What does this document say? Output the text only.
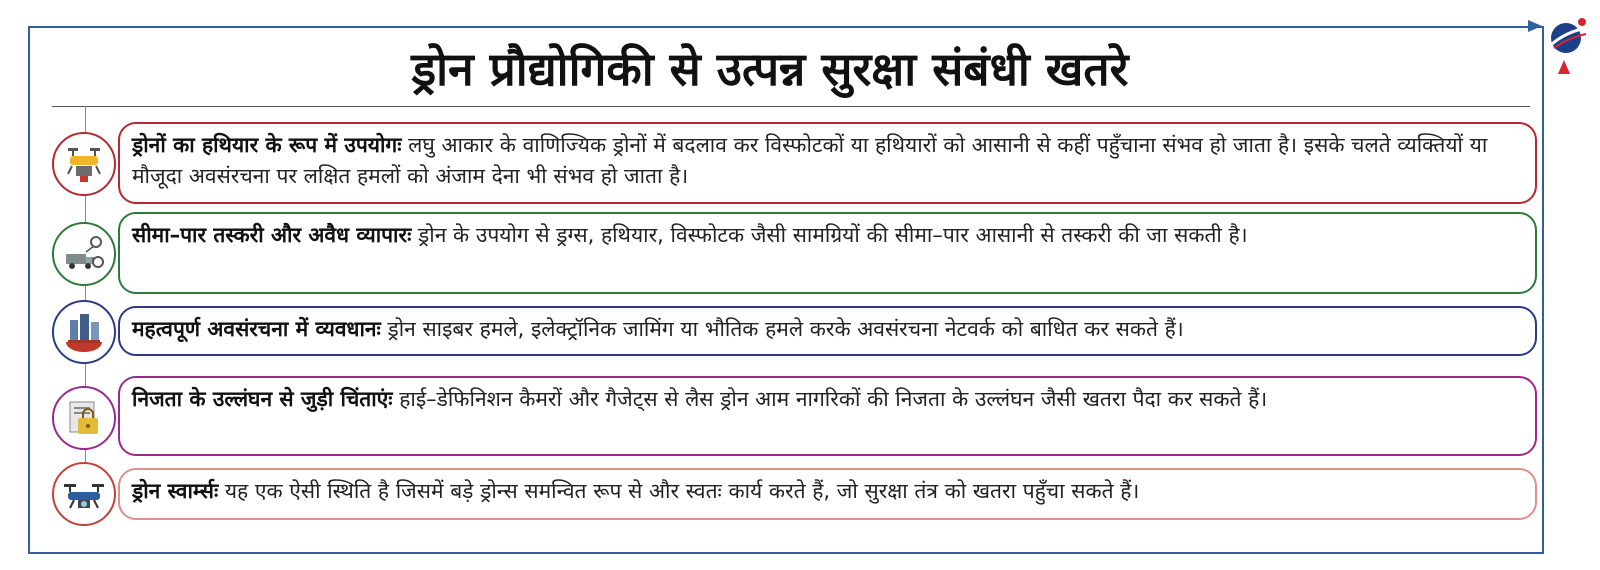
ड्रोन प्रौद्योगिकी से उत्पन्न सुरक्षा संबंधी खतरे
ड्रोनों का हथियार के रूप में उपयोग लघु आकार के वाणिज्यिक ड्रोनों में बदलाव कर विस्फोटकों या हथियारों को आसानी से कहीं पहुँचाना संभव हो जाता है। इसके चलते व्यक्तियों या मौजूदा अवसंरचना पर लक्षित हमलों को अंजाम देना भी संभव हो जाता है।
सीमा–पार तस्करी और अवैध व्यापार ड्रोन के उपयोग से ड्रग्स, हथियार, विस्फोटक जैसी सामग्रियों की सीमा–पार आसानी से तस्करी की जा सकती है।
महत्वपूर्ण अवसंरचना में व्यवधान ड्रोन साइबर हमले, इलेक्ट्रॉनिक जामिंग या भौतिक हमले करके अवसंरचना नेटवर्क को बाधित कर सकते हैं।
निजता के उल्लंघन से जुड़ी चिंताएं हाई–डेफिनिशन कैमरों और गैजेट्स से लैस ड्रोन आम नागरिकों की निजता के उल्लंघन जैसी खतरा पैदा कर सकते हैं।
ड्रोन स्वार्म्स यह एक ऐसी स्थिति है जिसमें बड़े ड्रोन्स समन्वित रूप से और स्वतः कार्य करते हैं, जो सुरक्षा तंत्र को खतरा पहुँचा सकते हैं।
